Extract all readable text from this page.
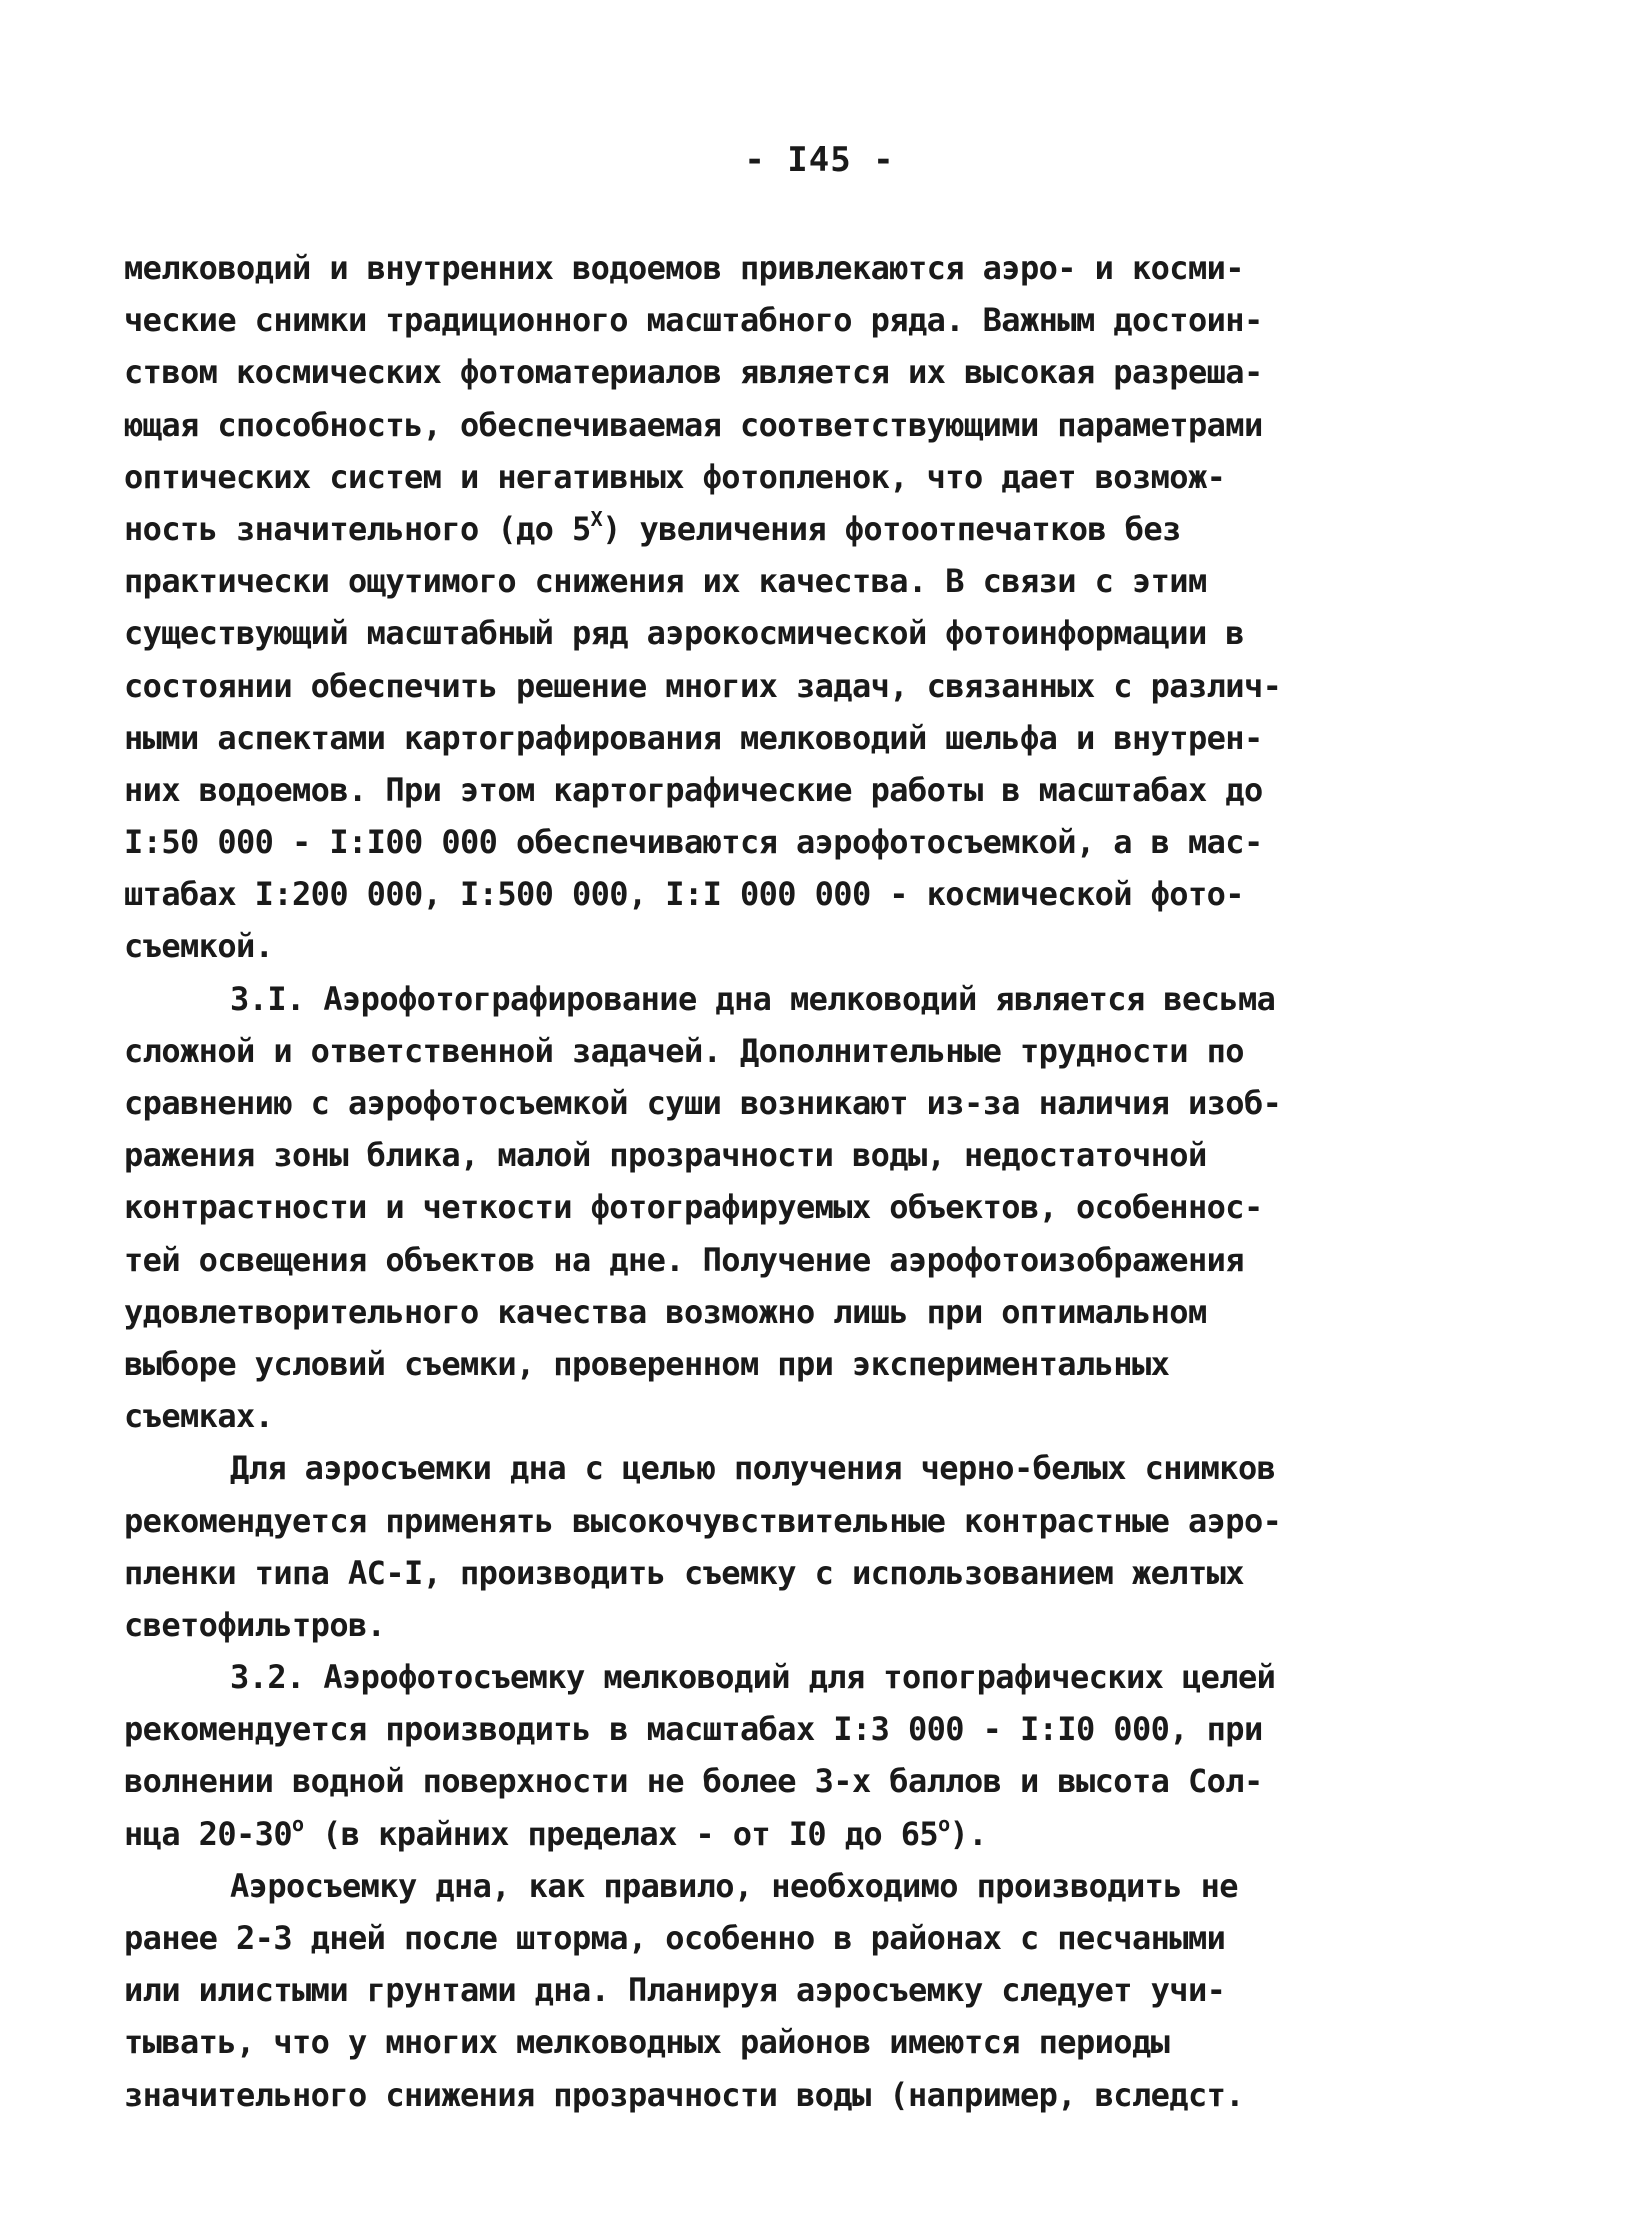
- I45 -
мелководий и внутренних водоемов привлекаются аэро- и косми-
ческие снимки традиционного масштабного ряда. Важным достоин-
ством космических фотоматериалов является их высокая разреша-
ющая способность, обеспечиваемая соответствующими параметрами
оптических систем и негативных фотопленок, что дает возмож-
ность значительного (до $5^X$) увеличения фотоотпечатков без
практически ощутимого снижения их качества. В связи с этим
существующий масштабный ряд аэрокосмической фотоинформации в
состоянии обеспечить решение многих задач, связанных с различ-
ными аспектами картографирования мелководий шельфа и внутрен-
них водоемов. При этом картографические работы в масштабах до
I:50 000 - I:I00 000 обеспечиваются аэрофотосъемкой, а в мас-
штабах I:200 000, I:500 000, I:I 000 000 - космической фото-
съемкой.
3.I. Аэрофотографирование дна мелководий является весьма
сложной и ответственной задачей. Дополнительные трудности по
сравнению с аэрофотосъемкой суши возникают из-за наличия изоб-
ражения зоны блика, малой прозрачности воды, недостаточной
контрастности и четкости фотографируемых объектов, особеннос-
тей освещения объектов на дне. Получение аэрофотоизображения
удовлетворительного качества возможно лишь при оптимальном
выборе условий съемки, проверенном при экспериментальных
съемках.
Для аэросъемки дна с целью получения черно-белых снимков
рекомендуется применять высокочувствительные контрастные аэро-
пленки типа АС-I, производить съемку с использованием желтых
светофильтров.
3.2. Аэрофотосъемку мелководий для топографических целей
рекомендуется производить в масштабах I:3 000 - I:I0 000, при
волнении водной поверхности не более 3-х баллов и высота Сол-
нца 20-30$^o$ (в крайних пределах - от I0 до 65$^o$).
Аэросъемку дна, как правило, необходимо производить не
ранее 2-3 дней после шторма, особенно в районах с песчаными
или илистыми грунтами дна. Планируя аэросъемку следует учи-
тывать, что у многих мелководных районов имеются периоды
значительного снижения прозрачности воды (например, вследст.
